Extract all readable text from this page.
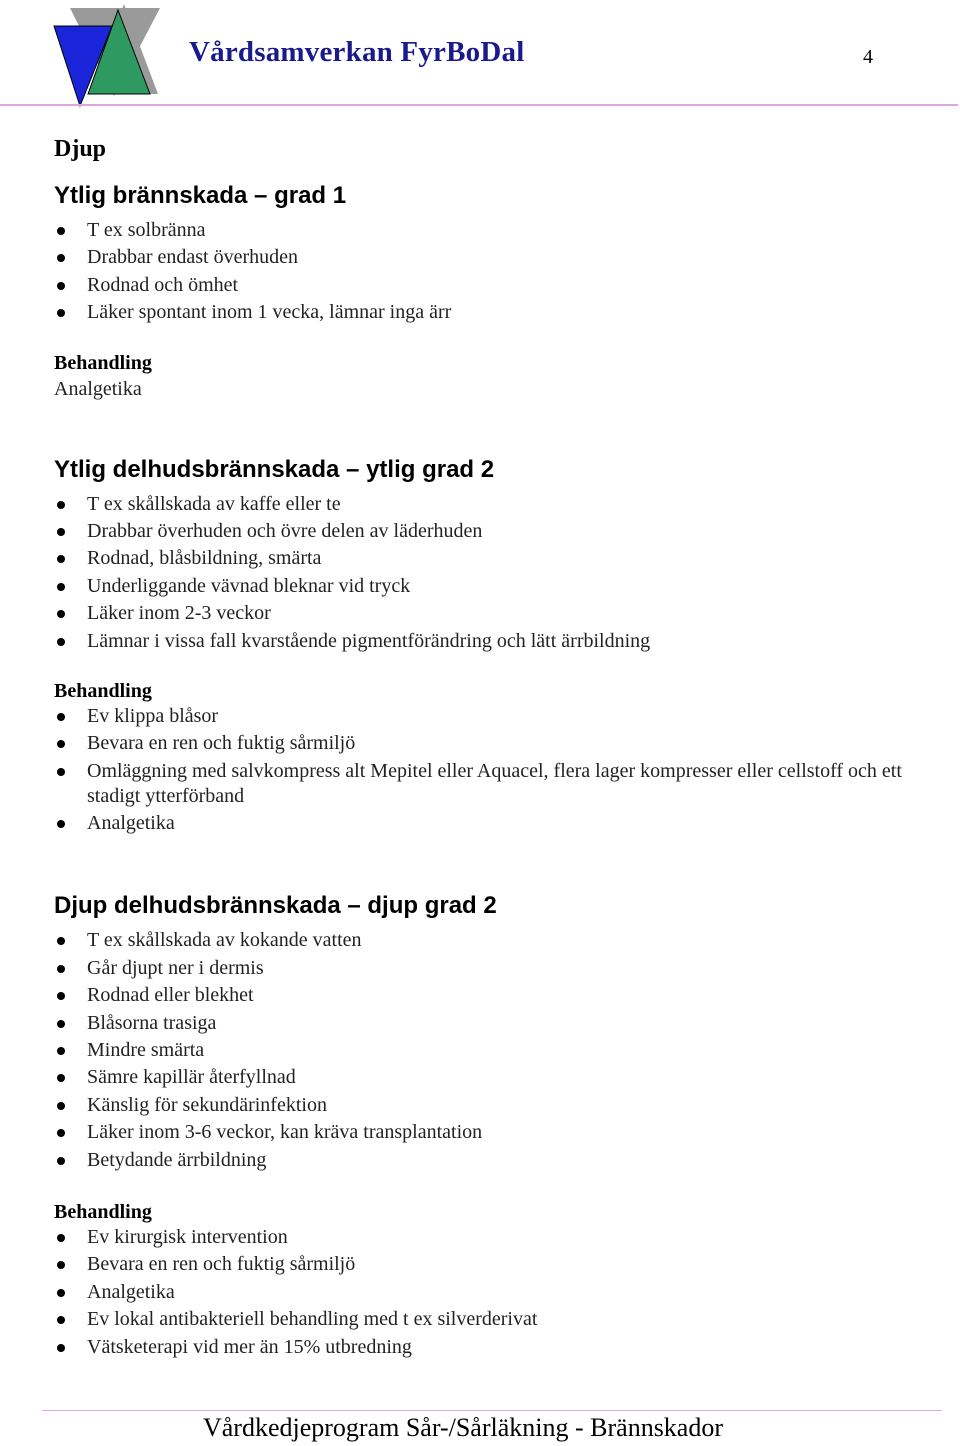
Vårdsamverkan FyrBoDal	4
Djup
Ytlig brännskada – grad 1
T ex solbränna
Drabbar endast överhuden
Rodnad och ömhet
Läker spontant inom 1 vecka, lämnar inga ärr

Behandling

Analgetika

Ytlig delhudsbrännskada – ytlig grad 2
T ex skållskada av kaffe eller te
Drabbar överhuden och övre delen av läderhuden
Rodnad, blåsbildning, smärta
Underliggande vävnad bleknar vid tryck
Läker inom 2-3 veckor
Lämnar i vissa fall kvarstående pigmentförändring och lätt ärrbildning

Behandling

Ev klippa blåsor
Bevara en ren och fuktig sårmiljö
Omläggning med salvkompress alt Mepitel eller Aquacel, flera lager kompresser eller cellstoff och ett stadigt ytterförband
Analgetika
Djup delhudsbrännskada – djup grad 2
T ex skållskada av kokande vatten
Går djupt ner i dermis
Rodnad eller blekhet
Blåsorna trasiga
Mindre smärta
Sämre kapillär återfyllnad
Känslig för sekundärinfektion
Läker inom 3-6 veckor, kan kräva transplantation
Betydande ärrbildning

Behandling

Ev kirurgisk intervention
Bevara en ren och fuktig sårmiljö
Analgetika
Ev lokal antibakteriell behandling med t ex silverderivat
Vätsketerapi vid mer än 15% utbredning
Vårdkedjeprogram Sår-/Sårläkning - Brännskador
